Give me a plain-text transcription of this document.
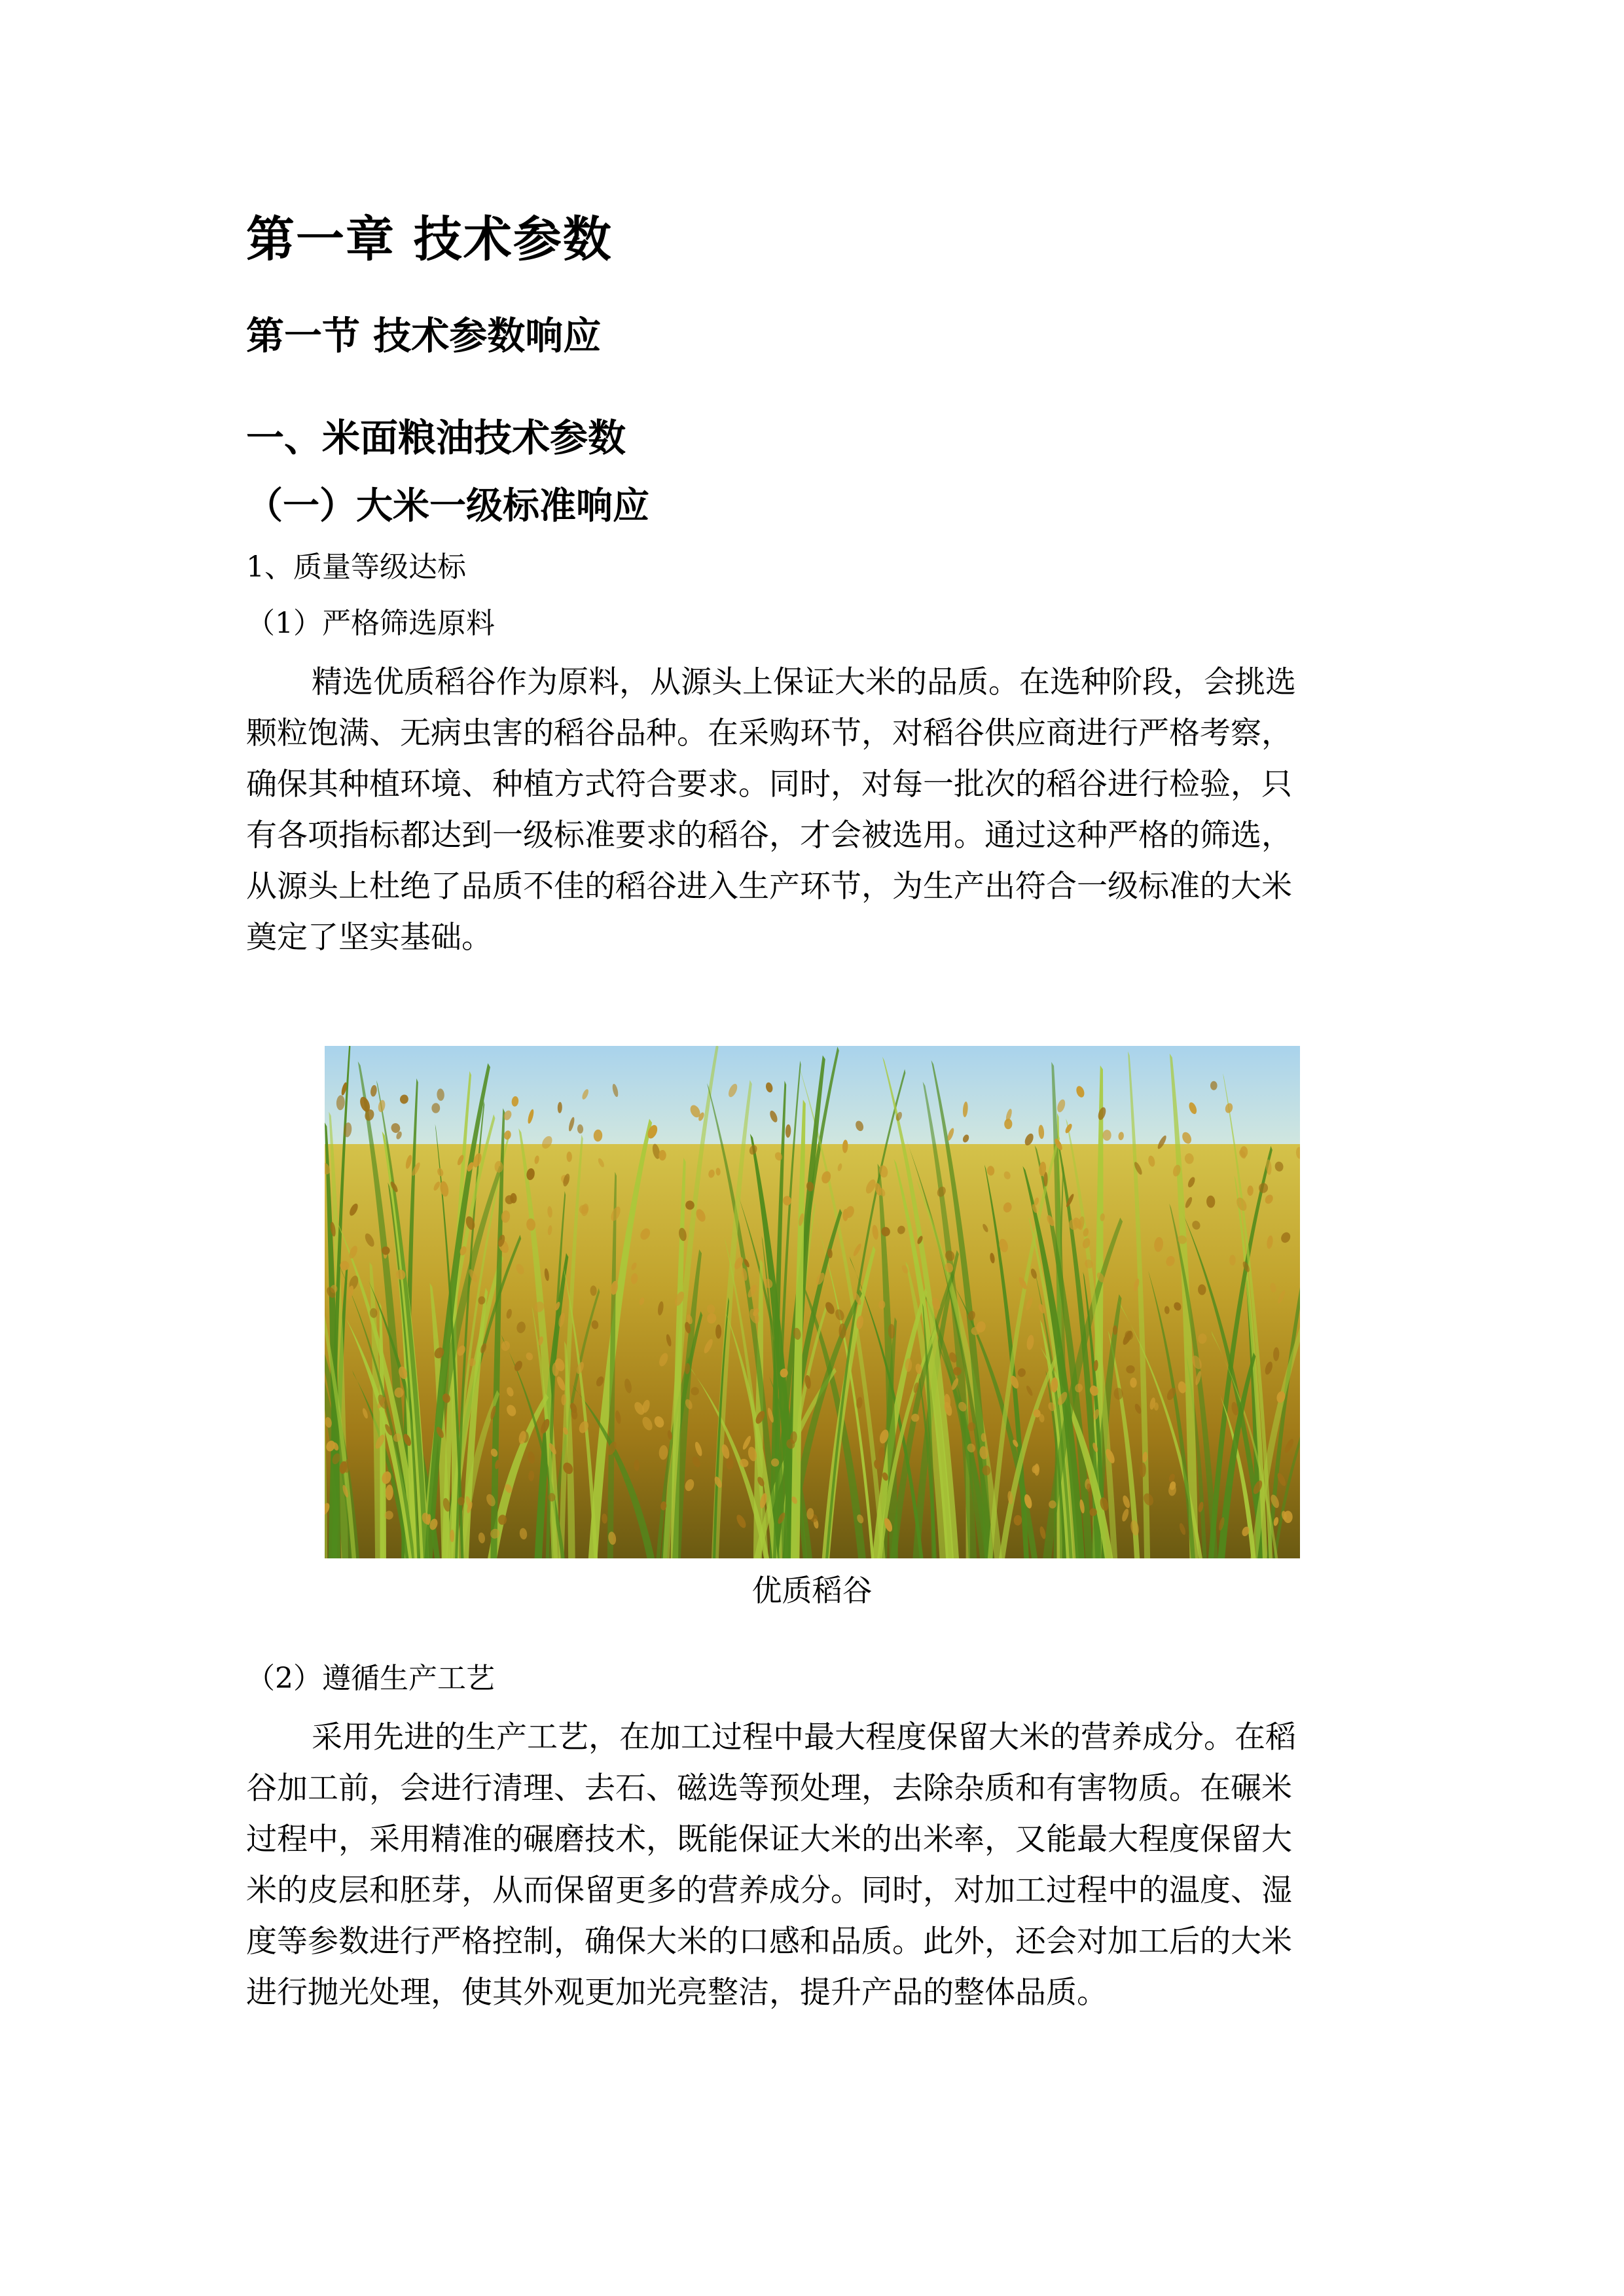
第一章 技术参数
第一节 技术参数响应
一、米面粮油技术参数
（一）大米一级标准响应

1、质量等级达标

（1）严格筛选原料

精选优质稻谷作为原料，从源头上保证大米的品质。在选种阶段，会挑选
颗粒饱满、无病虫害的稻谷品种。在采购环节，对稻谷供应商进行严格考察，
确保其种植环境、种植方式符合要求。同时，对每一批次的稻谷进行检验，只
有各项指标都达到一级标准要求的稻谷，才会被选用。通过这种严格的筛选，
从源头上杜绝了品质不佳的稻谷进入生产环节，为生产出符合一级标准的大米
奠定了坚实基础。

优质稻谷

（2）遵循生产工艺

采用先进的生产工艺，在加工过程中最大程度保留大米的营养成分。在稻
谷加工前，会进行清理、去石、磁选等预处理，去除杂质和有害物质。在碾米
过程中，采用精准的碾磨技术，既能保证大米的出米率，又能最大程度保留大
米的皮层和胚芽，从而保留更多的营养成分。同时，对加工过程中的温度、湿
度等参数进行严格控制，确保大米的口感和品质。此外，还会对加工后的大米
进行抛光处理，使其外观更加光亮整洁，提升产品的整体品质。
